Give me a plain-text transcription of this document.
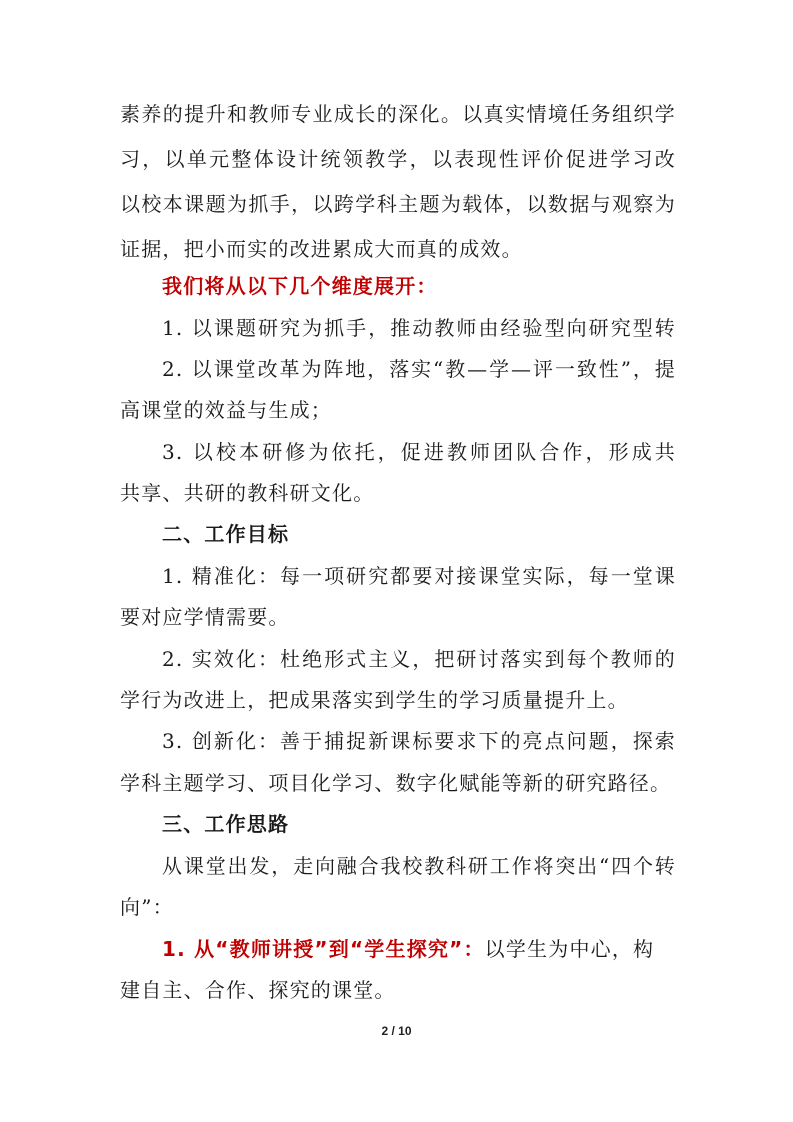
素养的提升和教师专业成长的深化。以真实情境任务组织学
习，以单元整体设计统领教学，以表现性评价促进学习改
以校本课题为抓手，以跨学科主题为载体，以数据与观察为
证据，把小而实的改进累成大而真的成效。
我们将从以下几个维度展开：
1. 以课题研究为抓手，推动教师由经验型向研究型转
2. 以课堂改革为阵地，落实“教—学—评一致性”，提
高课堂的效益与生成；
3. 以校本研修为依托，促进教师团队合作，形成共
共享、共研的教科研文化。
二、工作目标
1. 精准化：每一项研究都要对接课堂实际，每一堂课
要对应学情需要。
2. 实效化：杜绝形式主义，把研讨落实到每个教师的
学行为改进上，把成果落实到学生的学习质量提升上。
3. 创新化：善于捕捉新课标要求下的亮点问题，探索
学科主题学习、项目化学习、数字化赋能等新的研究路径。
三、工作思路
从课堂出发，走向融合我校教科研工作将突出“四个转
向”：
1. 从“教师讲授”到“学生探究”：以学生为中心，构
建自主、合作、探究的课堂。
2 / 10
